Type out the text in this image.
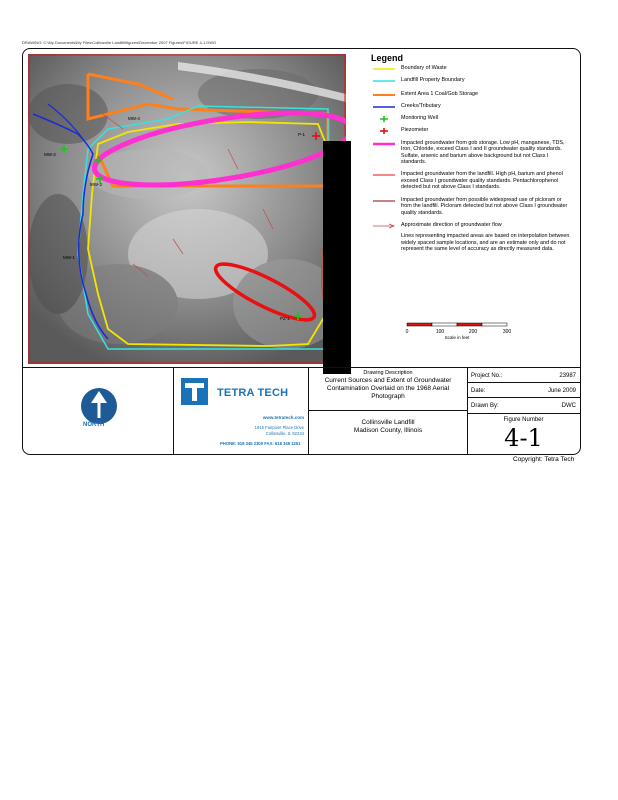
DRAWING: C:\My Documents\My Files\Collinsville Landfill\figures\December 2007 Figures\FIGURE 4-1.DWG
MW-2
MW-1
MW-3
MW-4
P-1
PZ-1
Legend
Boundary of Waste
Landfill Property Boundary
Extent Area 1 Coal/Gob Storage
Creeks/Tributary
Monitoring Well
Piezometer
Impacted groundwater from gob storage. Low pH, manganese, TDS, Iron, Chloride, exceed Class I and II groundwater quality standards. Sulfate, arsenic and barium above background but not Class I standards.
Impacted groundwater from the landfill. High pH, barium and phenol exceed Class I groundwater quality standards. Pentachlorophenol detected but not above Class I standards.
Impacted groundwater from possible widespread use of picloram or from the landfill. Picloram detected but not above Class I groundwater quality standards.
Approximate direction of groundwater flow
Lines representing impacted areas are based on interpolation between widely spaced sample locations, and are an estimate only and do not represent the same level of accuracy as directly measured data.
0	100	200	300
Scale in feet
NORTH
TETRA TECH
www.tetratech.com
1915 Fairpoint Place Drive
Collinsville, IL 62234
PHONE: 618 345 2300 FAX: 618 345 1251
Drawing Description
Current Sources and Extent of Groundwater Contamination Overlaid on the 1968 Aerial Photograph
Collinsville Landfill
Madison County, Illinois
Project No.:	23987
Date:	June 2009
Drawn By:	DWC
Figure Number
4-1
Copyright: Tetra Tech
